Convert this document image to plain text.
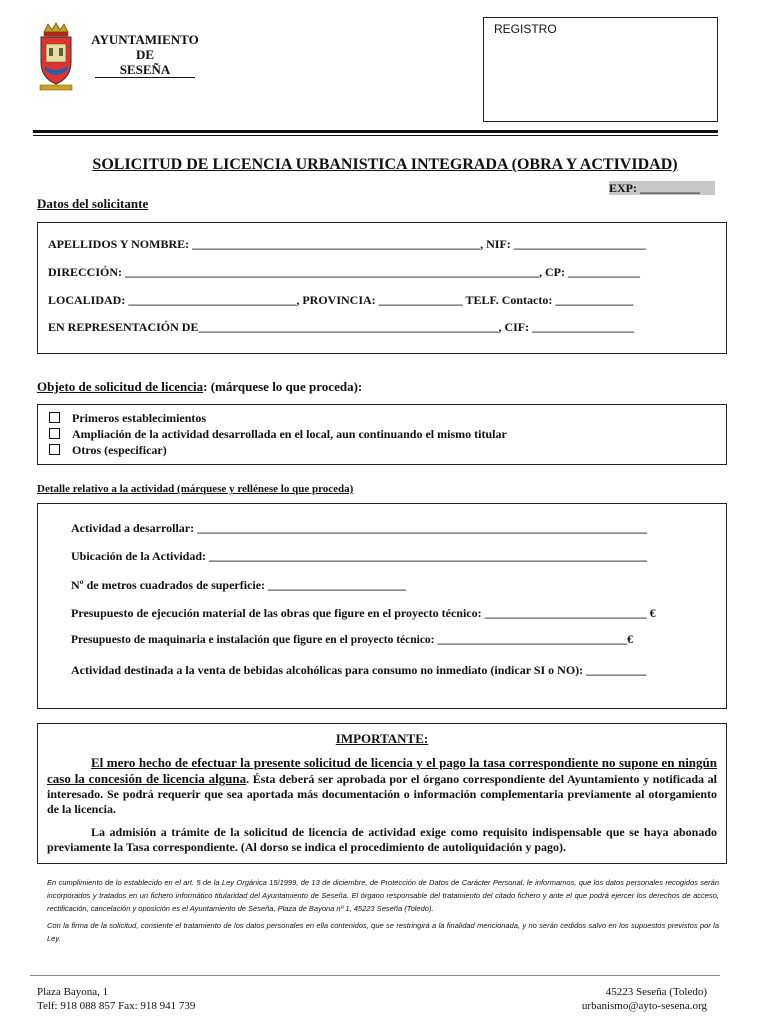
AYUNTAMIENTO
DE
SESEÑA
REGISTRO
SOLICITUD DE LICENCIA URBANISTICA INTEGRADA (OBRA Y ACTIVIDAD)
EXP: __________
Datos del solicitante
APELLIDOS Y NOMBRE: ________________________________________________, NIF: ______________________
DIRECCIÓN: _____________________________________________________________________, CP: ____________
LOCALIDAD: ____________________________, PROVINCIA: ______________ TELF. Contacto: _____________
EN REPRESENTACIÓN DE__________________________________________________, CIF: _________________
Objeto de solicitud de licencia: (márquese lo que proceda):
Primeros establecimientos
Ampliación de la actividad desarrollada en el local, aun continuando el mismo titular
Otros (especificar)
Detalle relativo a la actividad (márquese y rellénese lo que proceda)
Actividad a desarrollar: ___________________________________________________________________________
Ubicación de la Actividad: _________________________________________________________________________
Nº de metros cuadrados de superficie: _______________________
Presupuesto de ejecución material de las obras que figure en el proyecto técnico: ___________________________ €
Presupuesto de maquinaria e instalación que figure en el proyecto técnico: _________________________________€
Actividad destinada a la venta de bebidas alcohólicas para consumo no inmediato (indicar SI o NO): __________
IMPORTANTE:

El mero hecho de efectuar la presente solicitud de licencia y el pago la tasa correspondiente no supone en ningún caso la concesión de licencia alguna. Ésta deberá ser aprobada por el órgano correspondiente del Ayuntamiento y notificada al interesado. Se podrá requerir que sea aportada más documentación o información complementaria previamente al otorgamiento de la licencia.

La admisión a trámite de la solicitud de licencia de actividad exige como requisito indispensable que se haya abonado previamente la Tasa correspondiente. (Al dorso se indica el procedimiento de autoliquidación y pago).

En cumplimiento de lo establecido en el art. 5 de la Ley Orgánica 15/1999, de 13 de diciembre, de Protección de Datos de Carácter Personal, le informamos, que los datos personales recogidos serán incorporados y tratados en un fichero informático titularidad del Ayuntamiento de Seseña. El órgano responsable del tratamiento del citado fichero y ante el que podrá ejercer los derechos de acceso, rectificación, cancelación y oposición es el Ayuntamiento de Seseña, Plaza de Bayona nº 1, 45223 Seseña (Toledo).

Con la firma de la solicitud, consiente el tratamiento de los datos personales en ella contenidos, que se restringirá a la finalidad mencionada, y no serán cedidos salvo en los supuestos previstos por la Ley.

Plaza Bayona, 1
Telf: 918 088 857 Fax: 918 941 739
45223 Seseña (Toledo)
urbanismo@ayto-sesena.org
